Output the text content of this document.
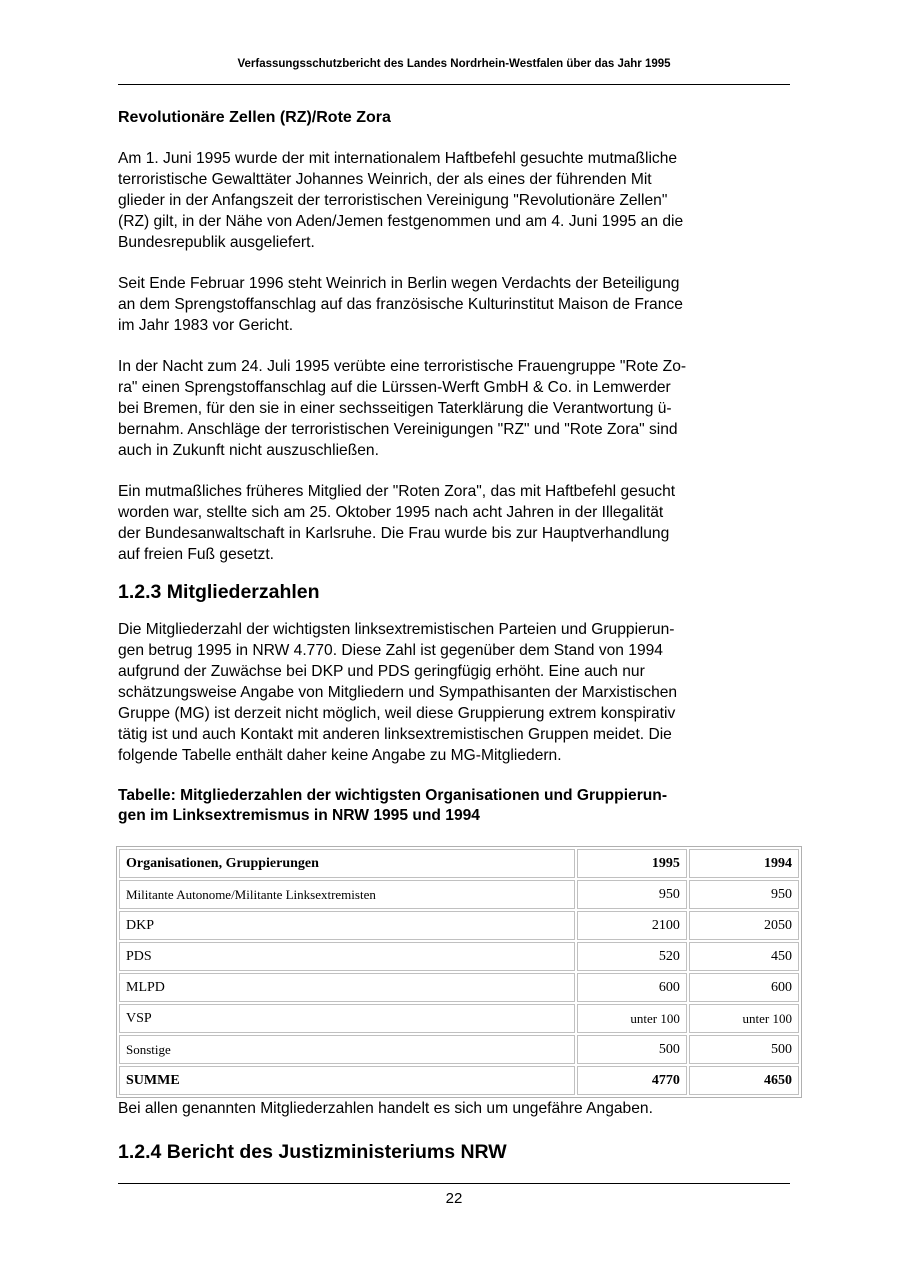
Verfassungsschutzbericht des Landes Nordrhein-Westfalen über das Jahr 1995
Revolutionäre Zellen (RZ)/Rote Zora

Am 1. Juni 1995 wurde der mit internationalem Haftbefehl gesuchte mutmaßliche
terroristische Gewalttäter Johannes Weinrich, der als eines der führenden Mit
glieder in der Anfangszeit der terroristischen Vereinigung "Revolutionäre Zellen"
(RZ) gilt, in der Nähe von Aden/Jemen festgenommen und am 4. Juni 1995 an die
Bundesrepublik ausgeliefert.

Seit Ende Februar 1996 steht Weinrich in Berlin wegen Verdachts der Beteiligung
an dem Sprengstoffanschlag auf das französische Kulturinstitut Maison de France
im Jahr 1983 vor Gericht.

In der Nacht zum 24. Juli 1995 verübte eine terroristische Frauengruppe "Rote Zo-
ra" einen Sprengstoffanschlag auf die Lürssen-Werft GmbH & Co. in Lemwerder
bei Bremen, für den sie in einer sechsseitigen Taterklärung die Verantwortung ü-
bernahm. Anschläge der terroristischen Vereinigungen "RZ" und "Rote Zora" sind
auch in Zukunft nicht auszuschließen.

Ein mutmaßliches früheres Mitglied der "Roten Zora", das mit Haftbefehl gesucht
worden war, stellte sich am 25. Oktober 1995 nach acht Jahren in der Illegalität
der Bundesanwaltschaft in Karlsruhe. Die Frau wurde bis zur Hauptverhandlung
auf freien Fuß gesetzt.

1.2.3 Mitgliederzahlen

Die Mitgliederzahl der wichtigsten linksextremistischen Parteien und Gruppierun-
gen betrug 1995 in NRW 4.770. Diese Zahl ist gegenüber dem Stand von 1994
aufgrund der Zuwächse bei DKP und PDS geringfügig erhöht. Eine auch nur
schätzungsweise Angabe von Mitgliedern und Sympathisanten der Marxistischen
Gruppe (MG) ist derzeit nicht möglich, weil diese Gruppierung extrem konspirativ
tätig ist und auch Kontakt mit anderen linksextremistischen Gruppen meidet. Die
folgende Tabelle enthält daher keine Angabe zu MG-Mitgliedern.

Tabelle: Mitgliederzahlen der wichtigsten Organisationen und Gruppierun-
gen im Linksextremismus in NRW 1995 und 1994
Organisationen, Gruppierungen	1995	1994
Militante Autonome/Militante Linksextremisten	950	950
DKP	2100	2050
PDS	520	450
MLPD	600	600
VSP	unter 100	unter 100
Sonstige	500	500
SUMME	4770	4650

Bei allen genannten Mitgliederzahlen handelt es sich um ungefähre Angaben.

1.2.4 Bericht des Justizministeriums NRW
22
